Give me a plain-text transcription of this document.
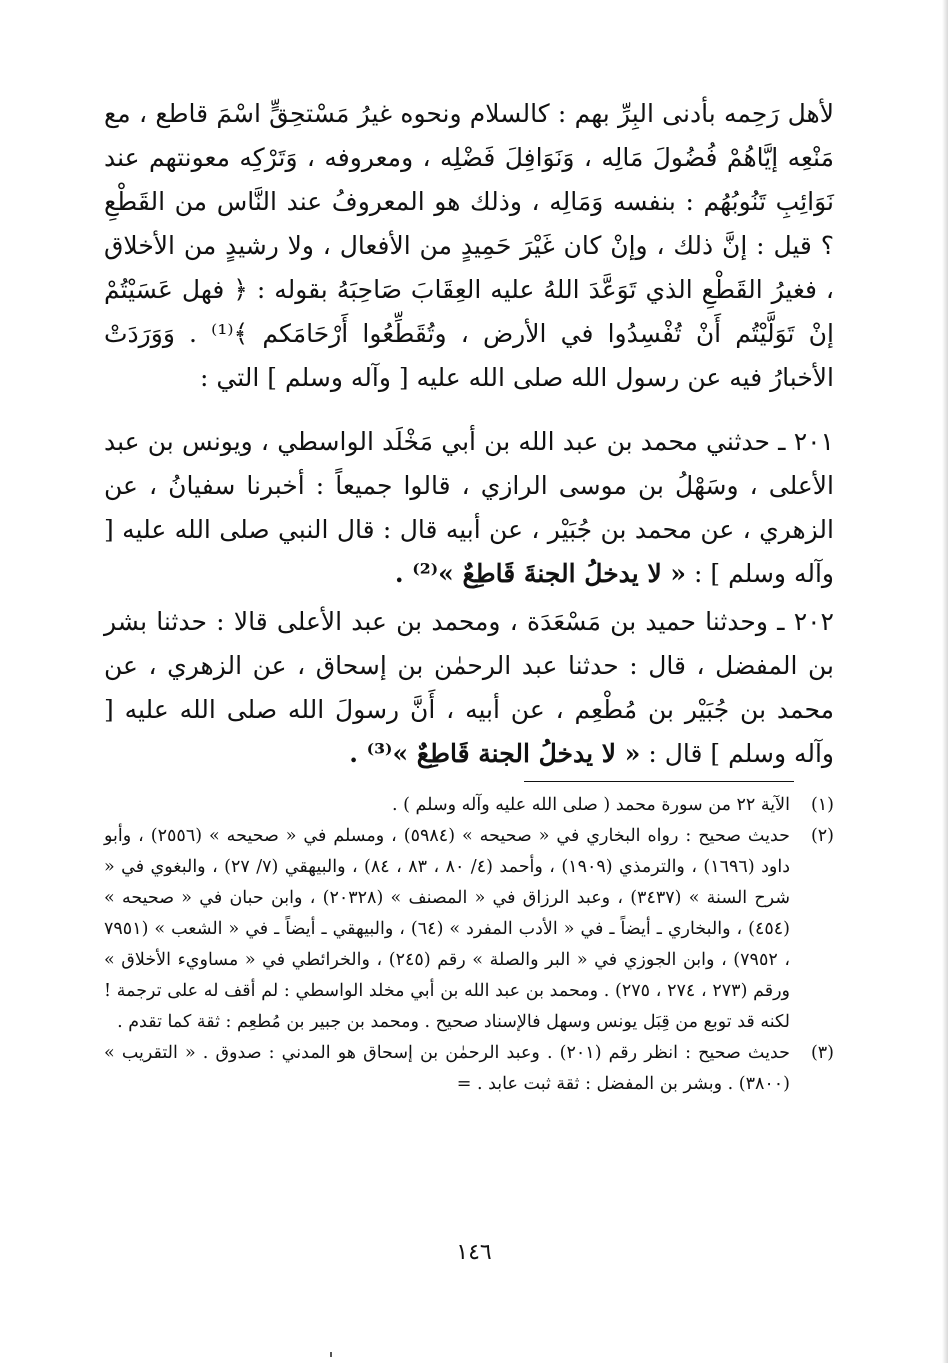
لأهل رَحِمه بأدنى البِرِّ بهم : كالسلام ونحوه غيرُ مَسْتحِقٍّ اسْمَ قاطع ، مع مَنْعِه إيَّاهُمْ فُضُولَ مَالِه ، وَنَوَافِلَ فَضْلِه ، ومعروفه ، وَتَرْكِه معونتهم عند نَوَائِبِ تَنُوبُهُم : بنفسه وَمَالِه ، وذلك هو المعروفُ عند النَّاس من القَطْعِ ؟ قيل : إنَّ ذلك ، وإنْ كان غَيْرَ حَمِيدٍ من الأفعال ، ولا رشيدٍ من الأخلاق ، فغيرُ القَطْعِ الذي تَوَعَّدَ اللهُ عليه العِقَابَ صَاحِبَهُ بقوله : ﴿ فهل عَسَيْتُمْ إنْ تَوَلَّيْتُم أَنْ تُفْسِدُوا في الأرض ، وتُقَطِّعُوا أَرْحَامَكم ﴾⁽¹⁾ . وَوَرَدَتْ الأخبارُ فيه عن رسول الله صلى الله عليه [ وآله وسلم ] التي :

٢٠١ ـ حدثني محمد بن عبد الله بن أبي مَخْلَد الواسطي ، ويونس بن عبد الأعلى ، وسَهْلُ بن موسى الرازي ، قالوا جميعاً : أخبرنا سفيانُ ، عن الزهري ، عن محمد بن جُبَيْر ، عن أبيه قال : قال النبي صلى الله عليه [ وآله وسلم ] : « لا يدخلُ الجنةَ قَاطِعٌ »⁽²⁾ .

٢٠٢ ـ وحدثنا حميد بن مَسْعَدَة ، ومحمد بن عبد الأعلى قالا : حدثنا بشر بن المفضل ، قال : حدثنا عبد الرحمٰن بن إسحاق ، عن الزهري ، عن محمد بن جُبَيْر بن مُطْعِم ، عن أبيه ، أَنَّ رسولَ الله صلى الله عليه [ وآله وسلم ] قال : « لا يدخلُ الجنة قَاطِعٌ »⁽³⁾ .

(١)
الآية ٢٢ من سورة محمد ( صلى الله عليه وآله وسلم ) .
(٢)
حديث صحيح : رواه البخاري في « صحيحه » (٥٩٨٤) ، ومسلم في « صحيحه » (٢٥٥٦) ، وأبو داود (١٦٩٦) ، والترمذي (١٩٠٩) ، وأحمد (٤/ ٨٠ ، ٨٣ ، ٨٤) ، والبيهقي (٧/ ٢٧) ، والبغوي في « شرح السنة » (٣٤٣٧) ، وعبد الرزاق في « المصنف » (٢٠٣٢٨) ، وابن حبان في « صحيحه » (٤٥٤) ، والبخاري ـ أيضاً ـ في « الأدب المفرد » (٦٤) ، والبيهقي ـ أيضاً ـ في « الشعب » (٧٩٥١ ، ٧٩٥٢) ، وابن الجوزي في « البر والصلة » رقم (٢٤٥) ، والخرائطي في « مساويء الأخلاق » ورقم (٢٧٣ ، ٢٧٤ ، ٢٧٥) . ومحمد بن عبد الله بن أبي مخلد الواسطي : لم أقف له على ترجمة ! لكنه قد توبع من قِبَل يونس وسهل فالإسناد صحيح . ومحمد بن جبير بن مُطعِم : ثقة كما تقدم .
(٣)
حديث صحيح : انظر رقم (٢٠١) . وعبد الرحمٰن بن إسحاق هو المدني : صدوق . « التقريب » (٣٨٠٠) . وبشر بن المفضل : ثقة ثبت عابد . =
١٤٦
